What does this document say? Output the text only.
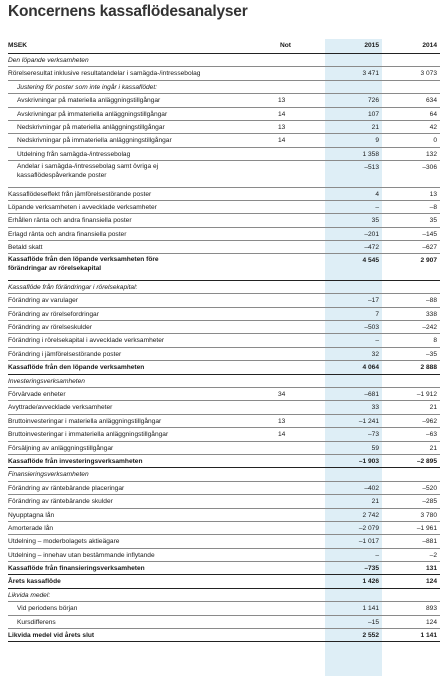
Koncernens kassaflödesanalyser
MSEK	Not	2015	2014
Den löpande verksamheten
Rörelseresultat inklusive resultatandelar i samägda-/intressebolag	3 471	3 073
Justering för poster som inte ingår i kassaflödet:
Avskrivningar på materiella anläggningstillgångar	13	726	634
Avskrivningar på immateriella anläggningstillgångar	14	107	64
Nedskrivningar på materiella anläggningstillgångar	13	21	42
Nedskrivningar på immateriella anläggningstillgångar	14	9	0
Utdelning från samägda-/intressebolag	1 358	132
Andelar i samägda-/intressebolag samt övriga ej
kassaflödespåverkande poster
–513	–306
Kassaflödeseffekt från jämförelsestörande poster	4	13
Löpande verksamheten i avvecklade verksamheter	–	–8
Erhållen ränta och andra finansiella poster	35	35
Erlagd ränta och andra finansiella poster	–201	–145
Betald skatt	–472	–627
Kassaflöde från den löpande verksamheten före
förändringar av rörelsekapital
4 545	2 907
Kassaflöde från förändringar i rörelsekapital:
Förändring av varulager	–17	–88
Förändring av rörelsefordringar	7	338
Förändring av rörelseskulder	–503	–242
Förändring i rörelsekapital i avvecklade verksamheter	–	8
Förändring i jämförelsestörande poster	32	–35
Kassaflöde från den löpande verksamheten	4 064	2 888
Investeringsverksamheten
Förvärvade enheter	34	–681	–1 912
Avyttrade/avvecklade verksamheter	33	21
Bruttoinvesteringar i materiella anläggningstillgångar	13	–1 241	–962
Bruttoinvesteringar i immateriella anläggningstillgångar	14	–73	–63
Försäljning av anläggningstillgångar	59	21
Kassaflöde från investeringsverksamheten	–1 903	–2 895
Finansieringsverksamheten
Förändring av räntebärande placeringar	–402	–520
Förändring av räntebärande skulder	21	–285
Nyupptagna lån	2 742	3 780
Amorterade lån	–2 079	–1 961
Utdelning – moderbolagets aktieägare	–1 017	–881
Utdelning – innehav utan bestämmande inflytande	–	–2
Kassaflöde från finansieringsverksamheten	–735	131
Årets kassaflöde	1 426	124
Likvida medel:
Vid periodens början	1 141	893
Kursdifferens	–15	124
Likvida medel vid årets slut	2 552	1 141
